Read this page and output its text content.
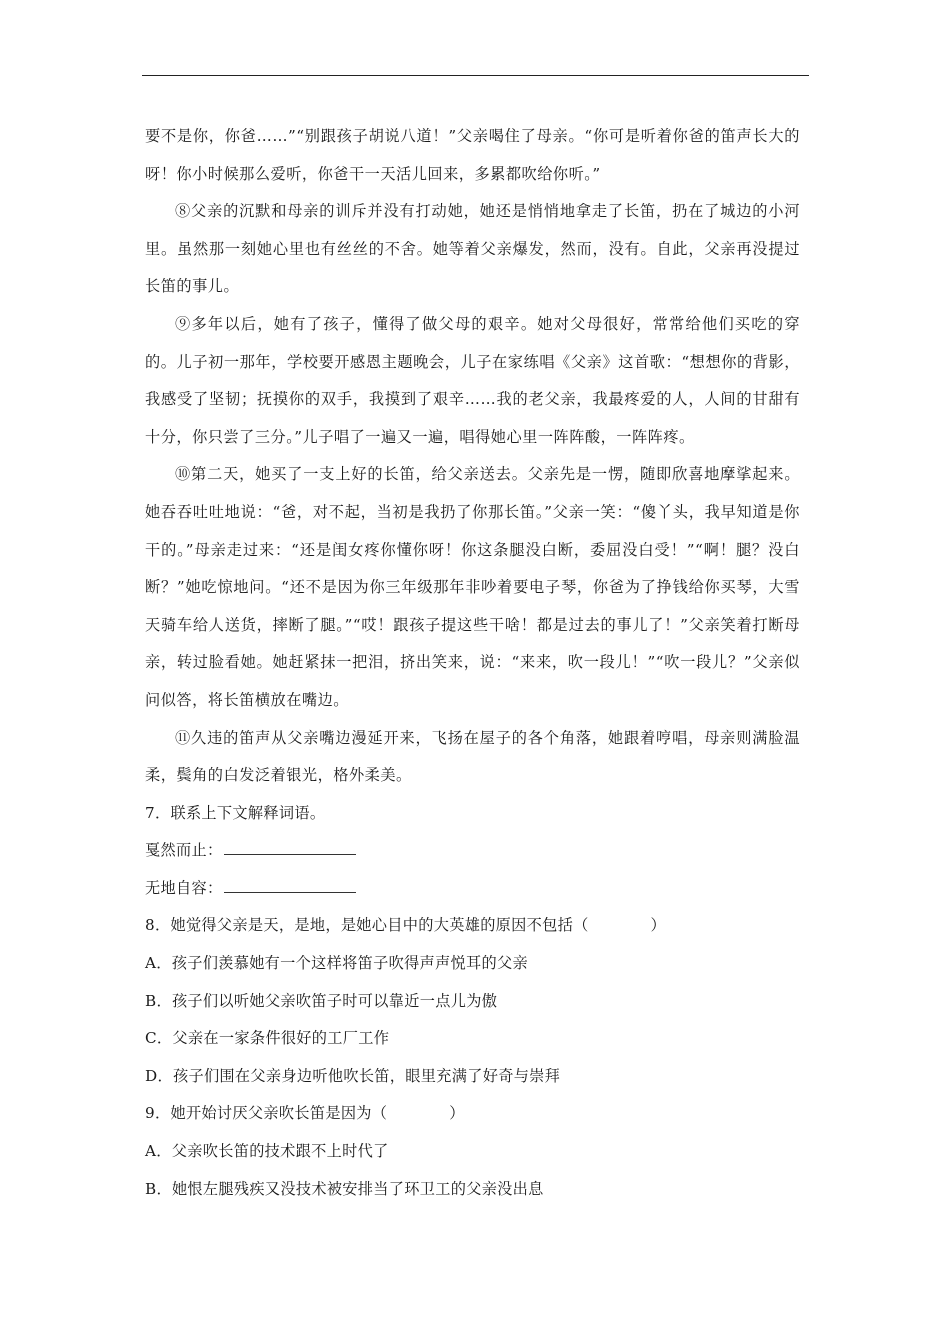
要不是你，你爸……”“别跟孩子胡说八道！”父亲喝住了母亲。“你可是听着你爸的笛声长大的呀！你小时候那么爱听，你爸干一天活儿回来，多累都吹给你听。”

⑧父亲的沉默和母亲的训斥并没有打动她，她还是悄悄地拿走了长笛，扔在了城边的小河里。虽然那一刻她心里也有丝丝的不舍。她等着父亲爆发，然而，没有。自此，父亲再没提过长笛的事儿。

⑨多年以后，她有了孩子，懂得了做父母的艰辛。她对父母很好，常常给他们买吃的穿的。儿子初一那年，学校要开感恩主题晚会，儿子在家练唱《父亲》这首歌：“想想你的背影，我感受了坚韧；抚摸你的双手，我摸到了艰辛……我的老父亲，我最疼爱的人，人间的甘甜有十分，你只尝了三分。”儿子唱了一遍又一遍，唱得她心里一阵阵酸，一阵阵疼。

⑩第二天，她买了一支上好的长笛，给父亲送去。父亲先是一愣，随即欣喜地摩挲起来。她吞吞吐吐地说：“爸，对不起，当初是我扔了你那长笛。”父亲一笑：“傻丫头，我早知道是你干的。”母亲走过来：“还是闺女疼你懂你呀！你这条腿没白断，委屈没白受！”“啊！腿？没白断？”她吃惊地问。“还不是因为你三年级那年非吵着要电子琴，你爸为了挣钱给你买琴，大雪天骑车给人送货，摔断了腿。”“哎！跟孩子提这些干啥！都是过去的事儿了！”父亲笑着打断母亲，转过脸看她。她赶紧抹一把泪，挤出笑来，说：“来来，吹一段儿！”“吹一段儿？”父亲似问似答，将长笛横放在嘴边。

⑪久违的笛声从父亲嘴边漫延开来，飞扬在屋子的各个角落，她跟着哼唱，母亲则满脸温柔，鬓角的白发泛着银光，格外柔美。

7．联系上下文解释词语。

戛然而止：

无地自容：

8．她觉得父亲是天，是地，是她心目中的大英雄的原因不包括（　　　　）

A．孩子们羡慕她有一个这样将笛子吹得声声悦耳的父亲

B．孩子们以听她父亲吹笛子时可以靠近一点儿为傲

C．父亲在一家条件很好的工厂工作

D．孩子们围在父亲身边听他吹长笛，眼里充满了好奇与崇拜

9．她开始讨厌父亲吹长笛是因为（　　　　）

A．父亲吹长笛的技术跟不上时代了

B．她恨左腿残疾又没技术被安排当了环卫工的父亲没出息
